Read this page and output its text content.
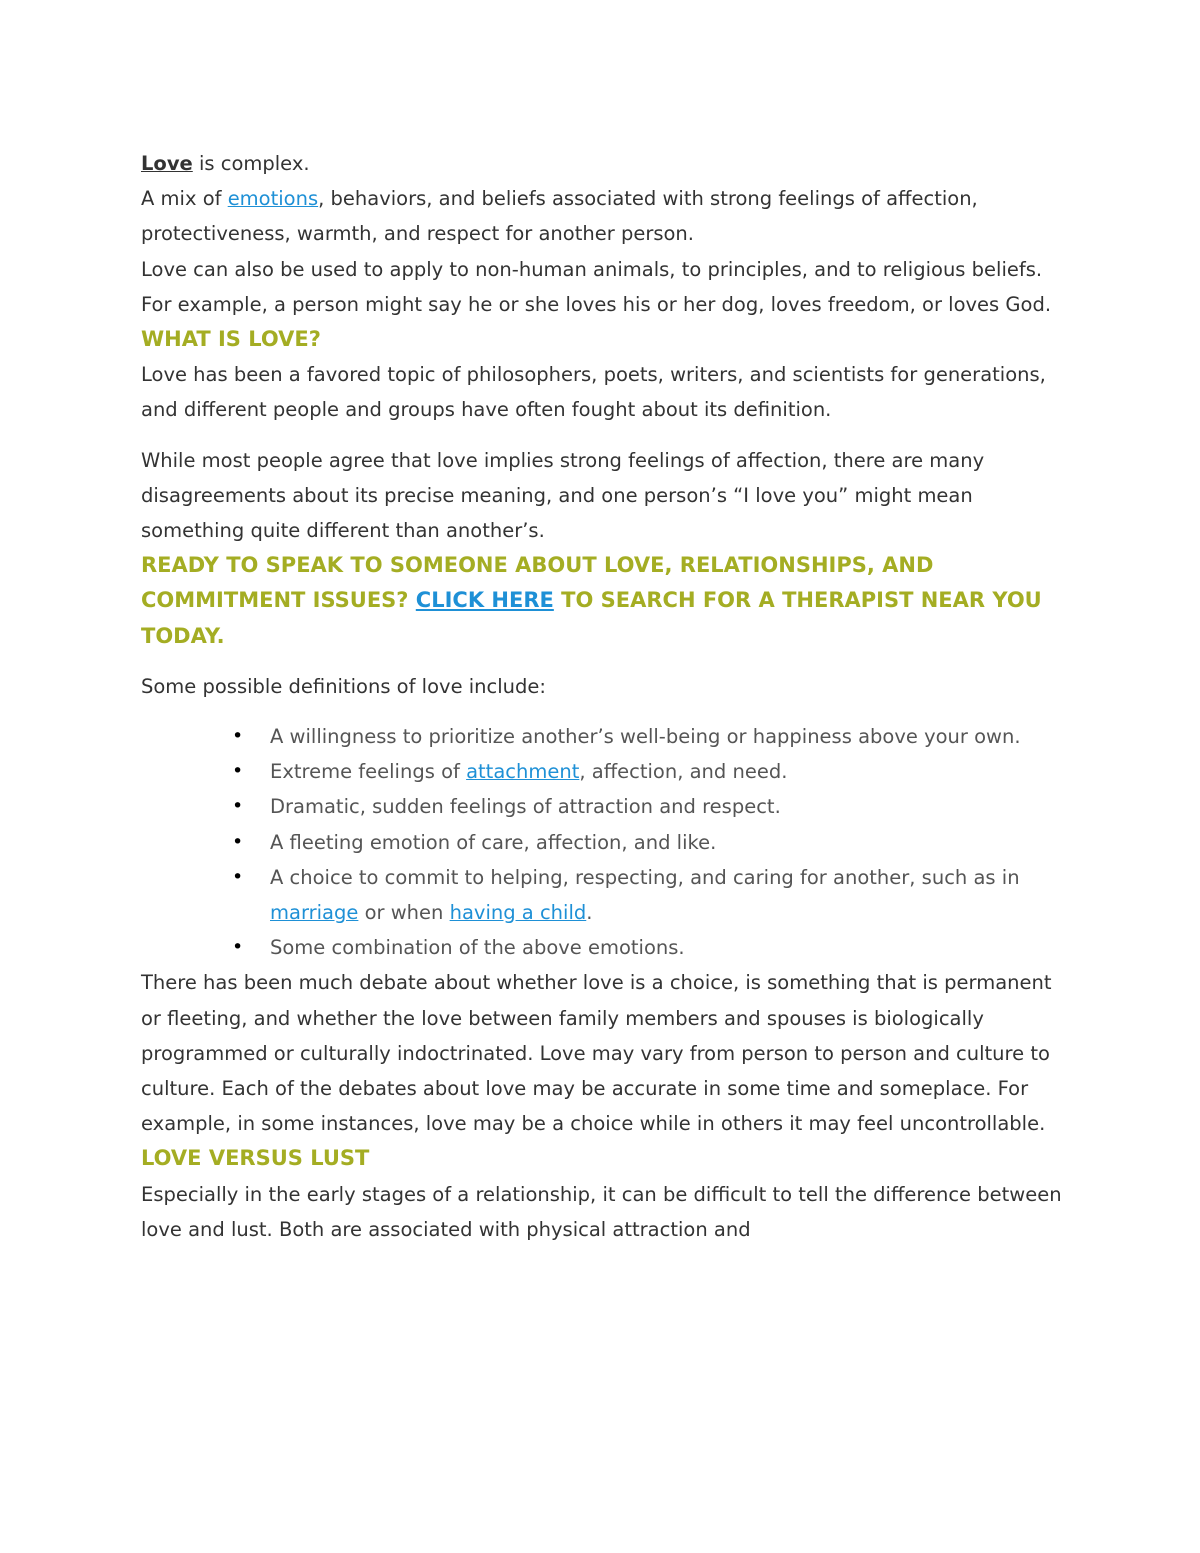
Love is complex.

A mix of emotions, behaviors, and beliefs associated with strong feelings of affection, protectiveness, warmth, and respect for another person.

Love can also be used to apply to non-human animals, to principles, and to religious beliefs. For example, a person might say he or she loves his or her dog, loves freedom, or loves God.

WHAT IS LOVE?

Love has been a favored topic of philosophers, poets, writers, and scientists for generations, and different people and groups have often fought about its definition.

While most people agree that love implies strong feelings of affection, there are many disagreements about its precise meaning, and one person’s “I love you” might mean something quite different than another’s.

READY TO SPEAK TO SOMEONE ABOUT LOVE, RELATIONSHIPS, AND COMMITMENT ISSUES? CLICK HERE TO SEARCH FOR A THERAPIST NEAR YOU TODAY.

Some possible definitions of love include:

• A willingness to prioritize another’s well-being or happiness above your own.
• Extreme feelings of attachment, affection, and need.
• Dramatic, sudden feelings of attraction and respect.
• A fleeting emotion of care, affection, and like.
• A choice to commit to helping, respecting, and caring for another, such as in marriage or when having a child.
• Some combination of the above emotions.

There has been much debate about whether love is a choice, is something that is permanent or fleeting, and whether the love between family members and spouses is biologically programmed or culturally indoctrinated. Love may vary from person to person and culture to culture. Each of the debates about love may be accurate in some time and someplace. For example, in some instances, love may be a choice while in others it may feel uncontrollable.

LOVE VERSUS LUST

Especially in the early stages of a relationship, it can be difficult to tell the difference between love and lust. Both are associated with physical attraction and
